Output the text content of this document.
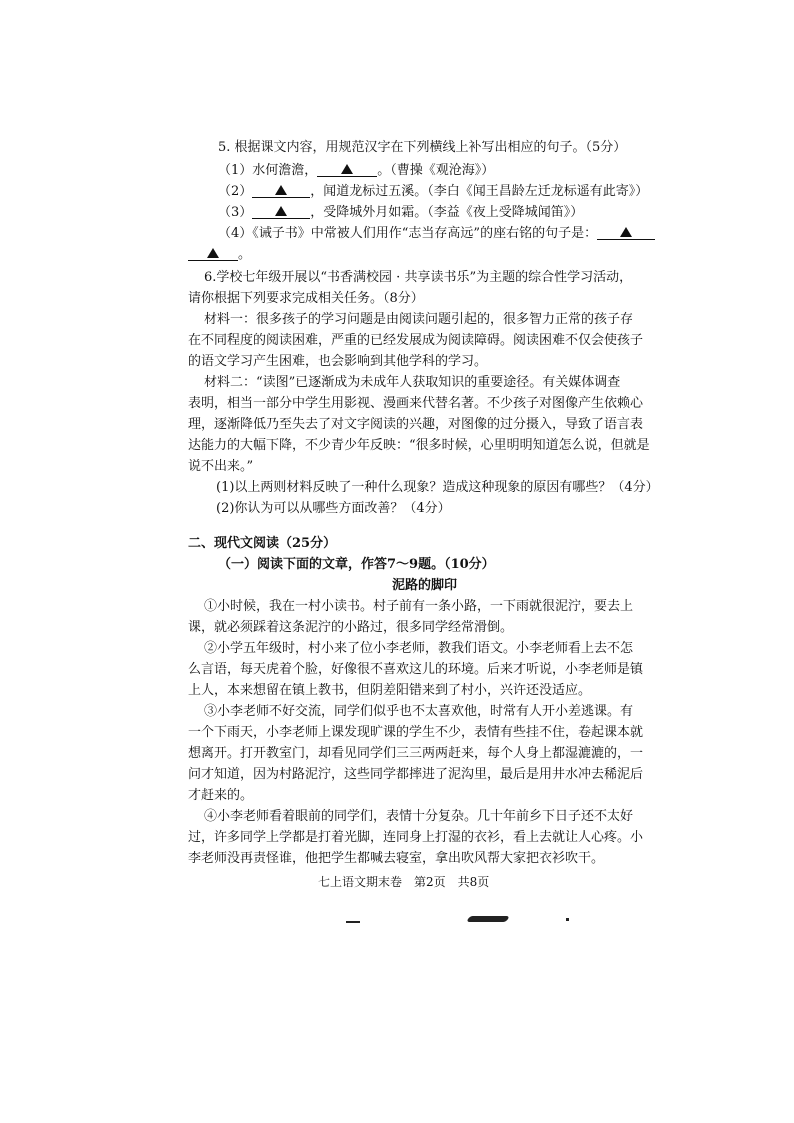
5. 根据课文内容，用规范汉字在下列横线上补写出相应的句子。（5分）
（1）水何澹澹，	。（曹操《观沧海》）
（2）	，闻道龙标过五溪。（李白《闻王昌龄左迁龙标遥有此寄》）
（3）	，受降城外月如霜。（李益《夜上受降城闻笛》）
（4）《诫子书》中常被人们用作“志当存高远”的座右铭的句子是：
。
6.学校七年级开展以“书香满校园 · 共享读书乐”为主题的综合性学习活动，
请你根据下列要求完成相关任务。（8分）
材料一：很多孩子的学习问题是由阅读问题引起的，很多智力正常的孩子存
在不同程度的阅读困难，严重的已经发展成为阅读障碍。阅读困难不仅会使孩子
的语文学习产生困难，也会影响到其他学科的学习。
材料二：“读图”已逐渐成为未成年人获取知识的重要途径。有关媒体调查
表明，相当一部分中学生用影视、漫画来代替名著。不少孩子对图像产生依赖心
理，逐渐降低乃至失去了对文字阅读的兴趣，对图像的过分摄入，导致了语言表
达能力的大幅下降，不少青少年反映：“很多时候，心里明明知道怎么说，但就是
说不出来。”
(1)以上两则材料反映了一种什么现象？造成这种现象的原因有哪些？（4分）
(2)你认为可以从哪些方面改善？（4分）
二、现代文阅读（25分）
（一）阅读下面的文章，作答7～9题。（10分）
泥路的脚印
①小时候，我在一村小读书。村子前有一条小路，一下雨就很泥泞，要去上
课，就必须踩着这条泥泞的小路过，很多同学经常滑倒。
②小学五年级时，村小来了位小李老师，教我们语文。小李老师看上去不怎
么言语，每天虎着个脸，好像很不喜欢这儿的环境。后来才听说，小李老师是镇
上人，本来想留在镇上教书，但阴差阳错来到了村小，兴许还没适应。
③小李老师不好交流，同学们似乎也不太喜欢他，时常有人开小差逃课。有
一个下雨天，小李老师上课发现旷课的学生不少，表情有些挂不住，卷起课本就
想离开。打开教室门，却看见同学们三三两两赶来，每个人身上都湿漉漉的，一
问才知道，因为村路泥泞，这些同学都摔进了泥沟里，最后是用井水冲去稀泥后
才赶来的。
④小李老师看着眼前的同学们，表情十分复杂。几十年前乡下日子还不太好
过，许多同学上学都是打着光脚，连同身上打湿的衣衫，看上去就让人心疼。小
李老师没再责怪谁，他把学生都喊去寝室，拿出吹风帮大家把衣衫吹干。
七上语文期末卷　第2页　共8页
